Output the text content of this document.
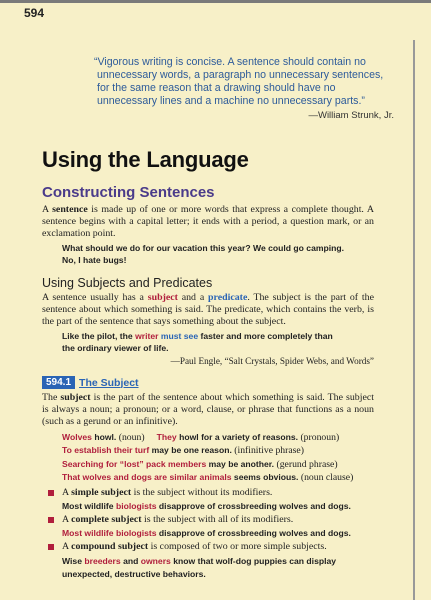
594
“Vigorous writing is concise. A sentence should contain no
unnecessary words, a paragraph no unnecessary sentences,
for the same reason that a drawing should have no
unnecessary lines and a machine no unnecessary parts.”
—William Strunk, Jr.
Using the Language
Constructing Sentences

A sentence is made up of one or more words that express a complete thought. A sentence begins with a capital letter; it ends with a period, a question mark, or an exclamation point.

What should we do for our vacation this year? We could go camping.
No, I hate bugs!
Using Subjects and Predicates

A sentence usually has a subject and a predicate. The subject is the part of the sentence about which something is said. The predicate, which contains the verb, is the part of the sentence that says something about the subject.

Like the pilot, the writer must see faster and more completely than
the ordinary viewer of life.
—Paul Engle, “Salt Crystals, Spider Webs, and Words”
594.1 The Subject

The subject is the part of the sentence about which something is said. The subject is always a noun; a pronoun; or a word, clause, or phrase that functions as a noun (such as a gerund or an infinitive).

Wolves howl. (noun) They howl for a variety of reasons. (pronoun)
To establish their turf may be one reason. (infinitive phrase)
Searching for “lost” pack members may be another. (gerund phrase)
That wolves and dogs are similar animals seems obvious. (noun clause)
A simple subject is the subject without its modifiers.
Most wildlife biologists disapprove of crossbreeding wolves and dogs.
A complete subject is the subject with all of its modifiers.
Most wildlife biologists disapprove of crossbreeding wolves and dogs.
A compound subject is composed of two or more simple subjects.
Wise breeders and owners know that wolf-dog puppies can display
unexpected, destructive behaviors.
